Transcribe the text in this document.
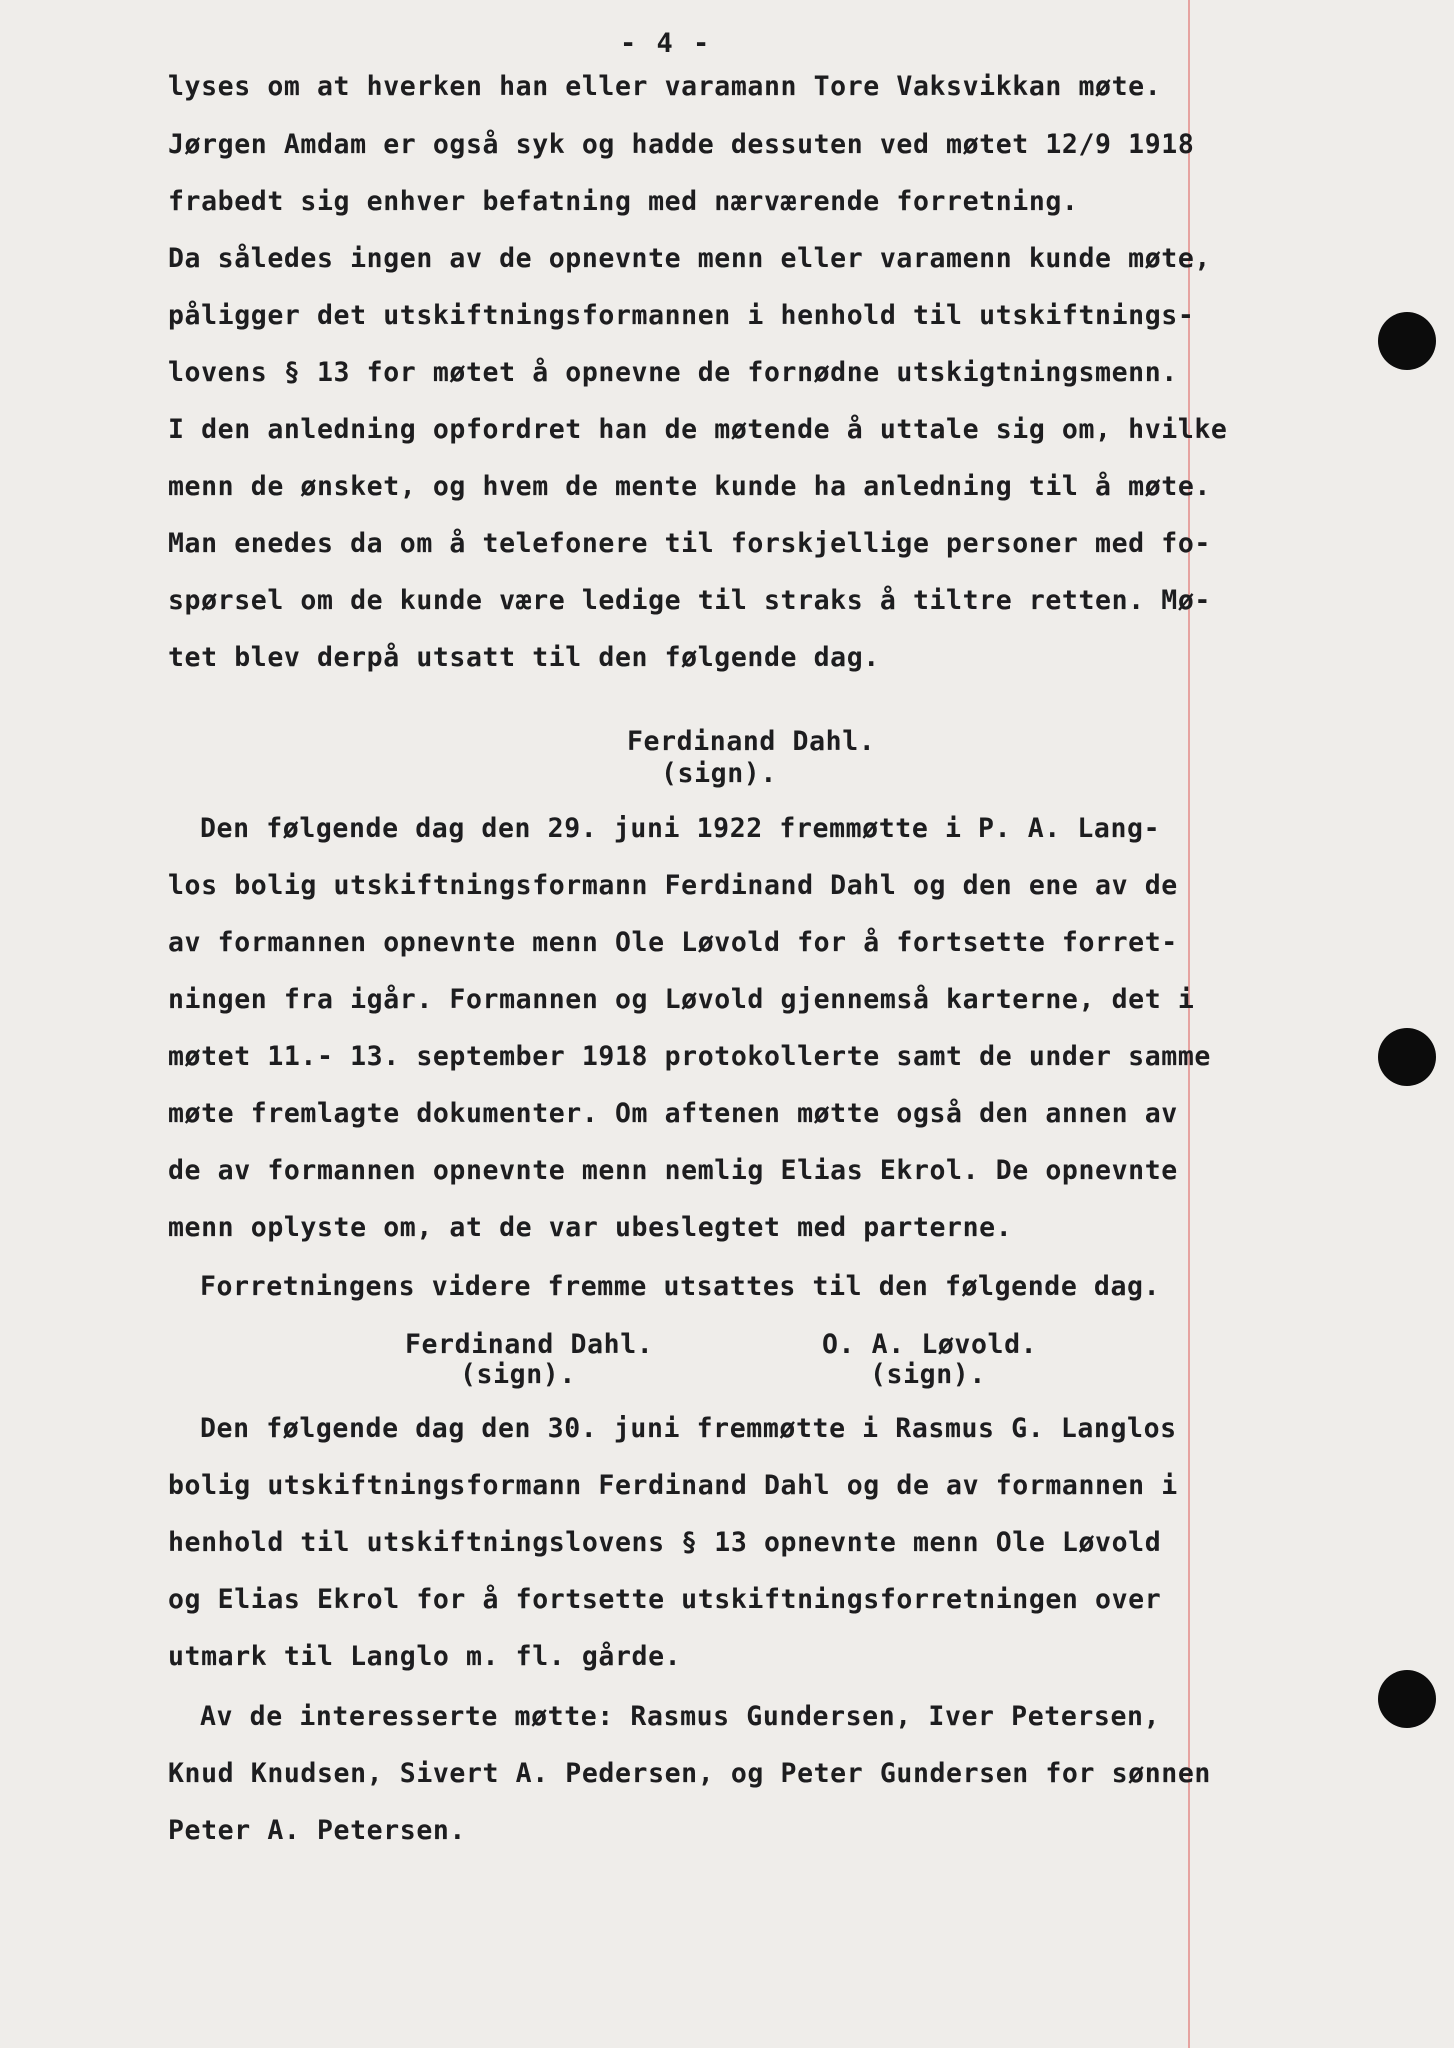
- 4 -
lyses om at hverken han eller varamann Tore Vaksvikkan møte.
Jørgen Amdam er også syk og hadde dessuten ved møtet 12/9 1918
frabedt sig enhver befatning med nærværende forretning.
Da således ingen av de opnevnte menn eller varamenn kunde møte,
påligger det utskiftningsformannen i henhold til utskiftnings-
lovens § 13 for møtet å opnevne de fornødne utskigtningsmenn.
I den anledning opfordret han de møtende å uttale sig om, hvilke
menn de ønsket, og hvem de mente kunde ha anledning til å møte.
Man enedes da om å telefonere til forskjellige personer med fo-
spørsel om de kunde være ledige til straks å tiltre retten. Mø-
tet blev derpå utsatt til den følgende dag.
Ferdinand Dahl.
(sign).
Den følgende dag den 29. juni 1922 fremmøtte i P. A. Lang-
los bolig utskiftningsformann Ferdinand Dahl og den ene av de
av formannen opnevnte menn Ole Løvold for å fortsette forret-
ningen fra igår. Formannen og Løvold gjennemså karterne, det i
møtet 11.- 13. september 1918 protokollerte samt de under samme
møte fremlagte dokumenter. Om aftenen møtte også den annen av
de av formannen opnevnte menn nemlig Elias Ekrol. De opnevnte
menn oplyste om, at de var ubeslegtet med parterne.
Forretningens videre fremme utsattes til den følgende dag.
Ferdinand Dahl.
(sign).
O. A. Løvold.
(sign).
Den følgende dag den 30. juni fremmøtte i Rasmus G. Langlos
bolig utskiftningsformann Ferdinand Dahl og de av formannen i
henhold til utskiftningslovens § 13 opnevnte menn Ole Løvold
og Elias Ekrol for å fortsette utskiftningsforretningen over
utmark til Langlo m. fl. gårde.
Av de interesserte møtte: Rasmus Gundersen, Iver Petersen,
Knud Knudsen, Sivert A. Pedersen, og Peter Gundersen for sønnen
Peter A. Petersen.
